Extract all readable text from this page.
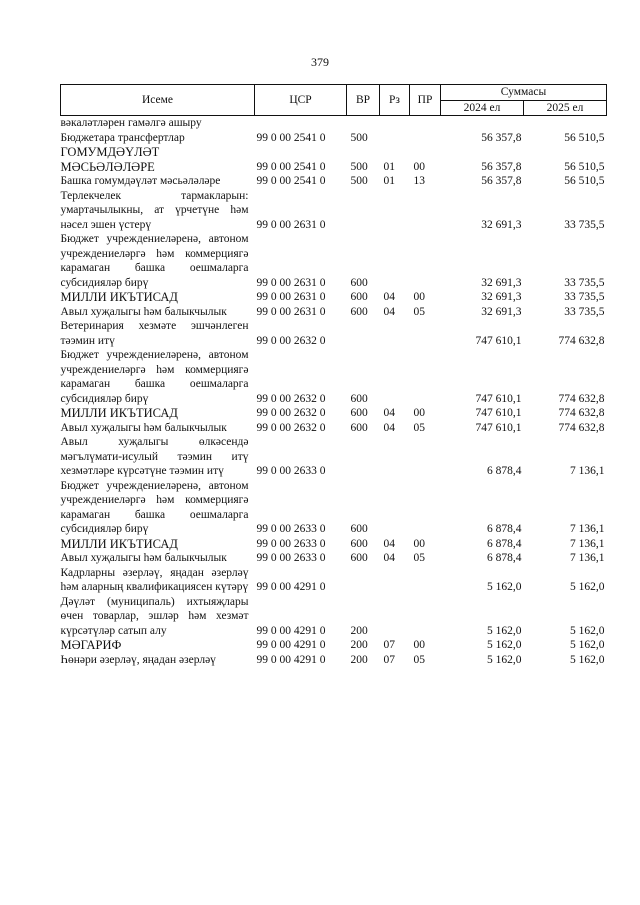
379
Исеме	ЦСР	ВР	Рз	ПР	Суммасы	
					2024 ел	2025 ел
вәкаләтләрен гамәлгә ашыру						
Бюджетара трансфертлар	99 0 00 2541 0	500			56 357,8	56 510,5
ГОМУМДӘҮЛӘТ МӘСЬӘЛӘЛӘРЕ	99 0 00 2541 0	500	01	00	56 357,8	56 510,5
Башка гомумдәүләт мәсьәләләре	99 0 00 2541 0	500	01	13	56 357,8	56 510,5
Терлекчелек тармакларын: умартачылыкны, ат үрчетүне һәм нәсел эшен үстерү	99 0 00 2631 0				32 691,3	33 735,5
Бюджет учреждениеләренә, автоном учреждениеләргә һәм коммерциягә карамаган башка оешмаларга субсидияләр бирү	99 0 00 2631 0	600			32 691,3	33 735,5
МИЛЛИ ИКЪТИСАД	99 0 00 2631 0	600	04	00	32 691,3	33 735,5
Авыл хуҗалыгы һәм балыкчылык	99 0 00 2631 0	600	04	05	32 691,3	33 735,5
Ветеринария хезмәте эшчәнлеген тәэмин итү	99 0 00 2632 0				747 610,1	774 632,8
Бюджет учреждениеләренә, автоном учреждениеләргә һәм коммерциягә карамаган башка оешмаларга субсидияләр бирү	99 0 00 2632 0	600			747 610,1	774 632,8
МИЛЛИ ИКЪТИСАД	99 0 00 2632 0	600	04	00	747 610,1	774 632,8
Авыл хуҗалыгы һәм балыкчылык	99 0 00 2632 0	600	04	05	747 610,1	774 632,8
Авыл хуҗалыгы өлкәсендә мәгълүмати-исулый тәэмин итү хезмәтләре күрсәтүне тәэмин итү	99 0 00 2633 0				6 878,4	7 136,1
Бюджет учреждениеләренә, автоном учреждениеләргә һәм коммерциягә карамаган башка оешмаларга субсидияләр бирү	99 0 00 2633 0	600			6 878,4	7 136,1
МИЛЛИ ИКЪТИСАД	99 0 00 2633 0	600	04	00	6 878,4	7 136,1
Авыл хуҗалыгы һәм балыкчылык	99 0 00 2633 0	600	04	05	6 878,4	7 136,1
Кадрларны әзерләү, яңадан әзерләү һәм аларның квалификациясен күтәрү	99 0 00 4291 0				5 162,0	5 162,0
Дәүләт (муниципаль) ихтыяҗлары өчен товарлар, эшләр һәм хезмәт күрсәтүләр сатып алу	99 0 00 4291 0	200			5 162,0	5 162,0
МӘГАРИФ	99 0 00 4291 0	200	07	00	5 162,0	5 162,0
Һөнәри әзерләү, яңадан әзерләү	99 0 00 4291 0	200	07	05	5 162,0	5 162,0
